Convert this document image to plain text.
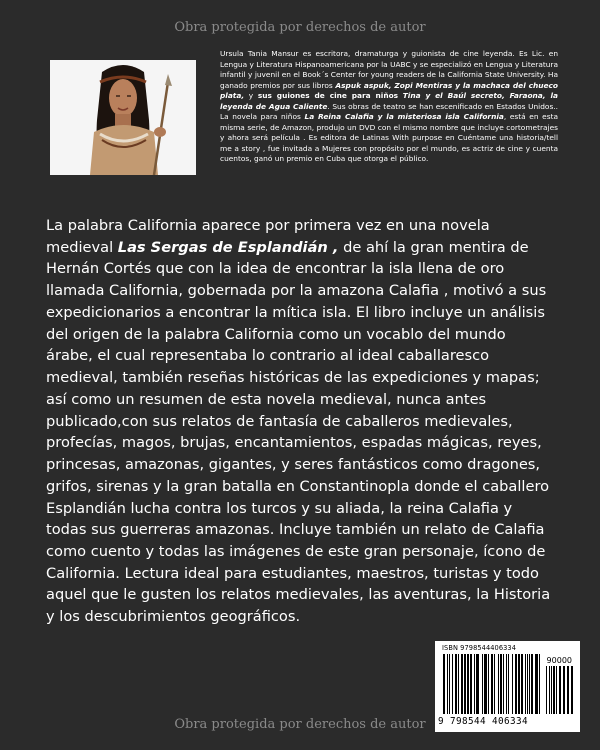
Obra protegida por derechos de autor
Ursula Tania Mansur es escritora, dramaturga y guionista de cine leyenda. Es Lic. en Lengua y Literatura Hispanoamericana por la UABC y se especializó en Lengua y Literatura infantil y juvenil en el Book´s Center for young readers de la California State University. Ha ganado premios por sus libros Aspuk aspuk, Zopi Mentiras y la machaca del chueco plata, y sus guiones de cine para niños Tina y el Baúl secreto, Faraona, la leyenda de Agua Caliente. Sus obras de teatro se han escenificado en Estados Unidos.. La novela para niños La Reina Calafia y la misteriosa isla California, está en esta misma serie, de Amazon, produjo un DVD con el mismo nombre que incluye cortometrajes y ahora será película . Es editora de Latinas With purpose en Cuéntame una historia/tell me a story , fue invitada a Mujeres con propósito por el mundo, es actriz de cine y cuenta cuentos, ganó un premio en Cuba que otorga el público.
La palabra California aparece por primera vez en una novela medieval Las Sergas de Esplandián , de ahí la gran mentira de Hernán Cortés que con la idea de encontrar la isla llena de oro llamada California, gobernada por la amazona Calafia , motivó a sus expedicionarios a encontrar la mítica isla. El libro incluye un análisis del origen de la palabra California como un vocablo del mundo árabe, el cual representaba lo contrario al ideal caballaresco medieval, también reseñas históricas de las expediciones y mapas; así como un resumen de esta novela medieval, nunca antes publicado,con sus relatos de fantasía de caballeros medievales, profecías, magos, brujas, encantamientos, espadas mágicas, reyes, princesas, amazonas, gigantes, y seres fantásticos como dragones, grifos, sirenas y la gran batalla en Constantinopla donde el caballero Esplandián lucha contra los turcos y su aliada, la reina Calafia y todas sus guerreras amazonas. Incluye también un relato de Calafia como cuento y todas las imágenes de este gran personaje, ícono de California. Lectura ideal para estudiantes, maestros, turistas y todo aquel que le gusten los relatos medievales, las aventuras, la Historia y los descubrimientos geográficos.
ISBN 9798544406334
90000
9 798544 406334
Obra protegida por derechos de autor
